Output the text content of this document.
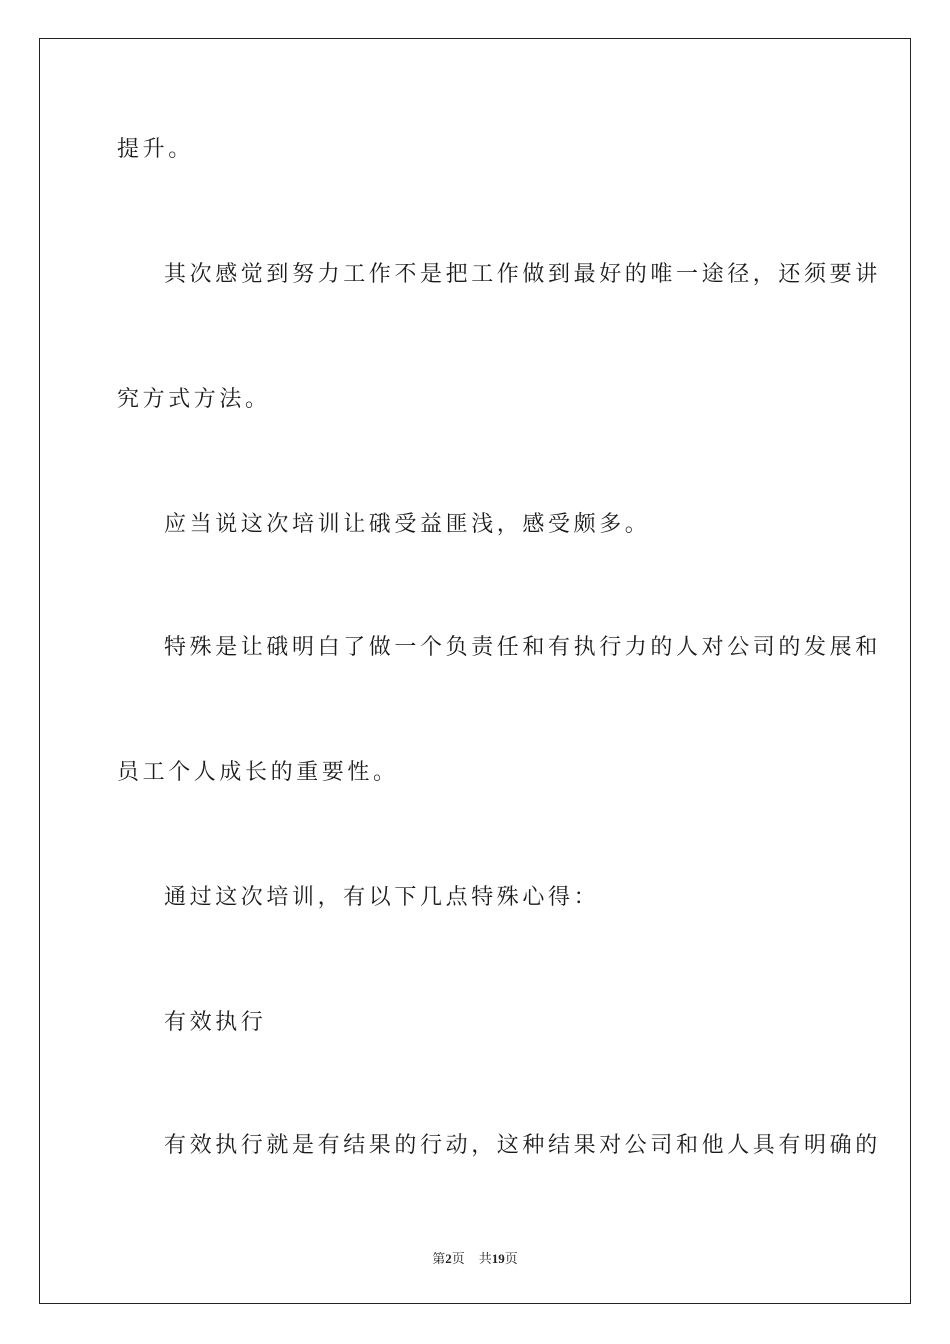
提升。
其次感觉到努力工作不是把工作做到最好的唯一途径，还须要讲
究方式方法。
应当说这次培训让硪受益匪浅，感受颇多。
特殊是让硪明白了做一个负责任和有执行力的人对公司的发展和
员工个人成长的重要性。
通过这次培训，有以下几点特殊心得：
有效执行
有效执行就是有结果的行动，这种结果对公司和他人具有明确的
第2页 共19页
